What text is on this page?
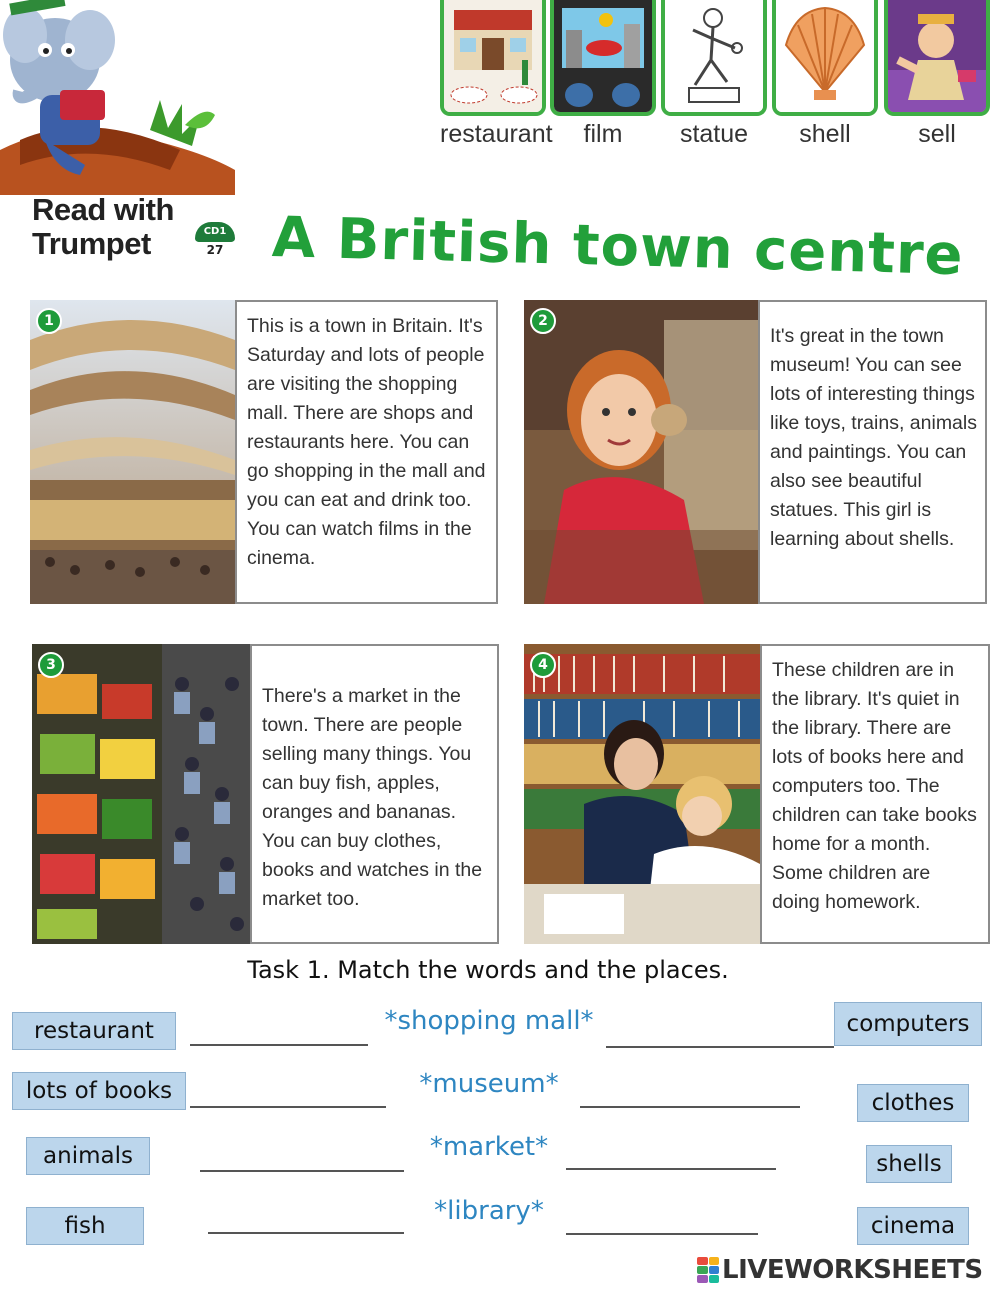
Read with
Trumpet	CD1
27 A British town centre
restaurant	film	statue	shell	sell
1	This is a town in Britain. It's Saturday and lots of people are visiting the shopping mall. There are shops and restaurants here. You can go shopping in the mall and you can eat and drink too. You can watch films in the cinema.
2
It's great in the town museum! You can see lots of interesting things like toys, trains, animals and paintings. You can also see beautiful statues. This girl is learning about shells.
3
There's a market in the town. There are people selling many things. You can buy fish, apples, oranges and bananas. You can buy clothes, books and watches in the market too.
4	These children are in the library. It's quiet in the library. There are lots of books here and computers too. The children can take books home for a month. Some children are doing homework.
Task 1. Match the words and the places.
restaurant
lots of books
animals
fish
*shopping mall*
*museum*
*market*
*library*
computers
clothes
shells
cinema
LIVEWORKSHEETS
